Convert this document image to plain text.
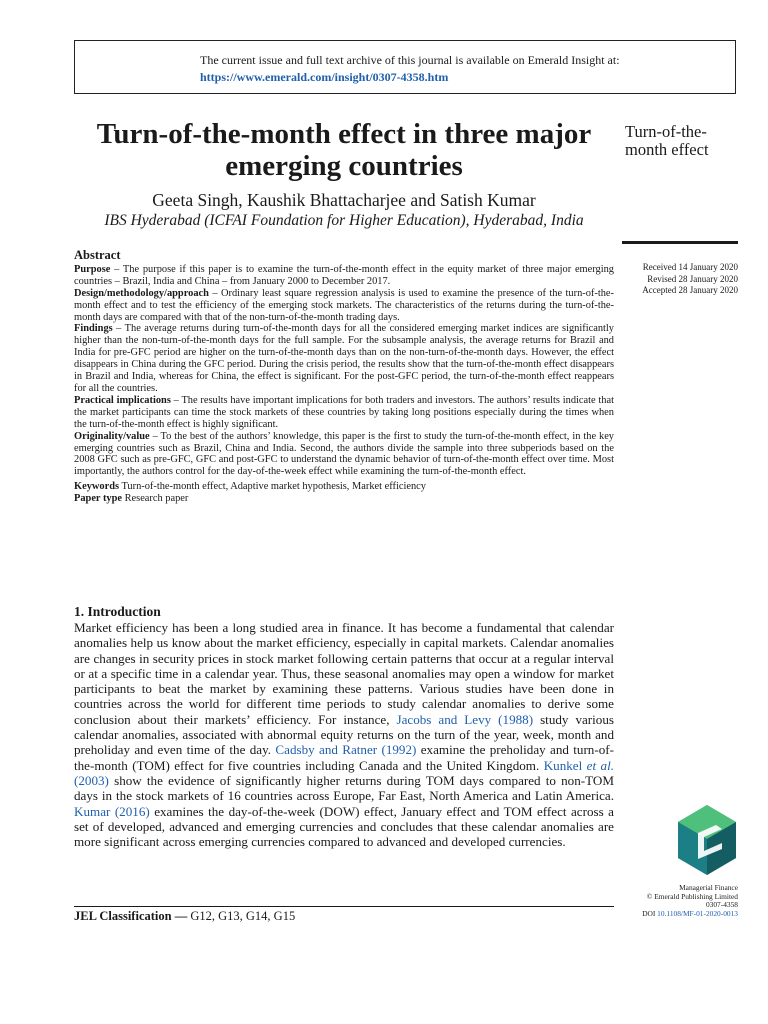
The current issue and full text archive of this journal is available on Emerald Insight at:
https://www.emerald.com/insight/0307-4358.htm
Turn-of-the-month effect in three major emerging countries
Geeta Singh, Kaushik Bhattacharjee and Satish Kumar
IBS Hyderabad (ICFAI Foundation for Higher Education), Hyderabad, India
Turn-of-the-month effect
Received 14 January 2020
Revised 28 January 2020
Accepted 28 January 2020
Abstract

Purpose – The purpose if this paper is to examine the turn-of-the-month effect in the equity market of three major emerging countries – Brazil, India and China – from January 2000 to December 2017.

Design/methodology/approach – Ordinary least square regression analysis is used to examine the presence of the turn-of-the-month effect and to test the efficiency of the emerging stock markets. The characteristics of the returns during the turn-of-the-month days are compared with that of the non-turn-of-the-month trading days.

Findings – The average returns during turn-of-the-month days for all the considered emerging market indices are significantly higher than the non-turn-of-the-month days for the full sample. For the subsample analysis, the average returns for Brazil and India for pre-GFC period are higher on the turn-of-the-month days than on the non-turn-of-the-month days. However, the effect disappears in China during the GFC period. During the crisis period, the results show that the turn-of-the-month effect disappears in Brazil and India, whereas for China, the effect is significant. For the post-GFC period, the turn-of-the-month effect reappears for all the countries.

Practical implications – The results have important implications for both traders and investors. The authors’ results indicate that the market participants can time the stock markets of these countries by taking long positions especially during the times when the turn-of-the-month effect is highly significant.

Originality/value – To the best of the authors’ knowledge, this paper is the first to study the turn-of-the-month effect, in the key emerging countries such as Brazil, China and India. Second, the authors divide the sample into three subperiods based on the 2008 GFC such as pre-GFC, GFC and post-GFC to understand the dynamic behavior of turn-of-the-month effect over time. Most importantly, the authors control for the day-of-the-week effect while examining the turn-of-the-month effect.

Keywords Turn-of-the-month effect, Adaptive market hypothesis, Market efficiency

Paper type Research paper

1. Introduction

Market efficiency has been a long studied area in finance. It has become a fundamental that calendar anomalies help us know about the market efficiency, especially in capital markets. Calendar anomalies are changes in security prices in stock market following certain patterns that occur at a regular interval or at a specific time in a calendar year. Thus, these seasonal anomalies may open a window for market participants to beat the market by examining these patterns. Various studies have been done in countries across the world for different time periods to study calendar anomalies to derive some conclusion about their markets’ efficiency. For instance, Jacobs and Levy (1988) study various calendar anomalies, associated with abnormal equity returns on the turn of the year, week, month and preholiday and even time of the day. Cadsby and Ratner (1992) examine the preholiday and turn-of-the-month (TOM) effect for five countries including Canada and the United Kingdom. Kunkel et al. (2003) show the evidence of significantly higher returns during TOM days compared to non-TOM days in the stock markets of 16 countries across Europe, Far East, North America and Latin America. Kumar (2016) examines the day-of-the-week (DOW) effect, January effect and TOM effect across a set of developed, advanced and emerging currencies and concludes that these calendar anomalies are more significant across emerging currencies compared to advanced and developed currencies.

JEL Classification — G12, G13, G14, G15
Managerial Finance
© Emerald Publishing Limited
0307-4358
DOI 10.1108/MF-01-2020-0013
